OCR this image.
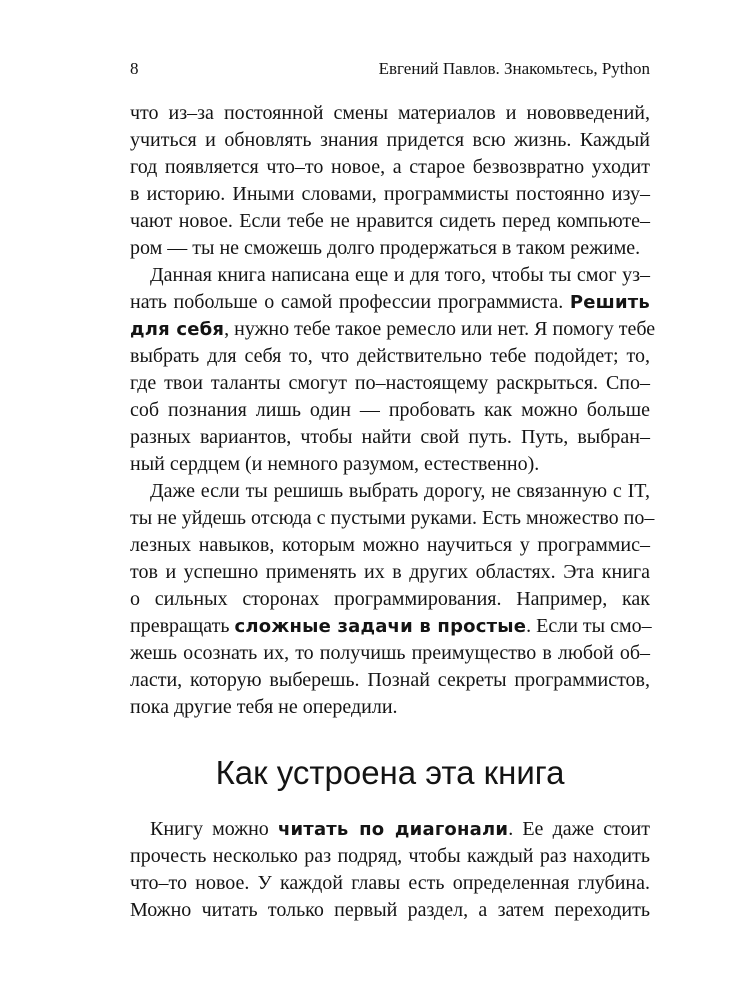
8	Евгений Павлов. Знакомьтесь, Python
что из–за постоянной смены материалов и нововведений,
учиться и обновлять знания придется всю жизнь. Каждый
год появляется что–то новое, а старое безвозвратно уходит
в историю. Иными словами, программисты постоянно изу–
чают новое. Если тебе не нравится сидеть перед компьюте–
ром — ты не сможешь долго продержаться в таком режиме.
Данная книга написана еще и для того, чтобы ты смог уз–
нать побольше о самой профессии программиста. Решить
для себя, нужно тебе такое ремесло или нет. Я помогу тебе
выбрать для себя то, что действительно тебе подойдет; то,
где твои таланты смогут по–настоящему раскрыться. Спо–
соб познания лишь один — пробовать как можно больше
разных вариантов, чтобы найти свой путь. Путь, выбран–
ный сердцем (и немного разумом, естественно).
Даже если ты решишь выбрать дорогу, не связанную с IT,
ты не уйдешь отсюда с пустыми руками. Есть множество по–
лезных навыков, которым можно научиться у программис–
тов и успешно применять их в других областях. Эта книга
о сильных сторонах программирования. Например, как
превращать сложные задачи в простые. Если ты смо–
жешь осознать их, то получишь преимущество в любой об–
ласти, которую выберешь. Познай секреты программистов,
пока другие тебя не опередили.
Как устроена эта книга
Книгу можно читать по диагонали. Ее даже стоит
прочесть несколько раз подряд, чтобы каждый раз находить
что–то новое. У каждой главы есть определенная глубина.
Можно читать только первый раздел, а затем переходить
